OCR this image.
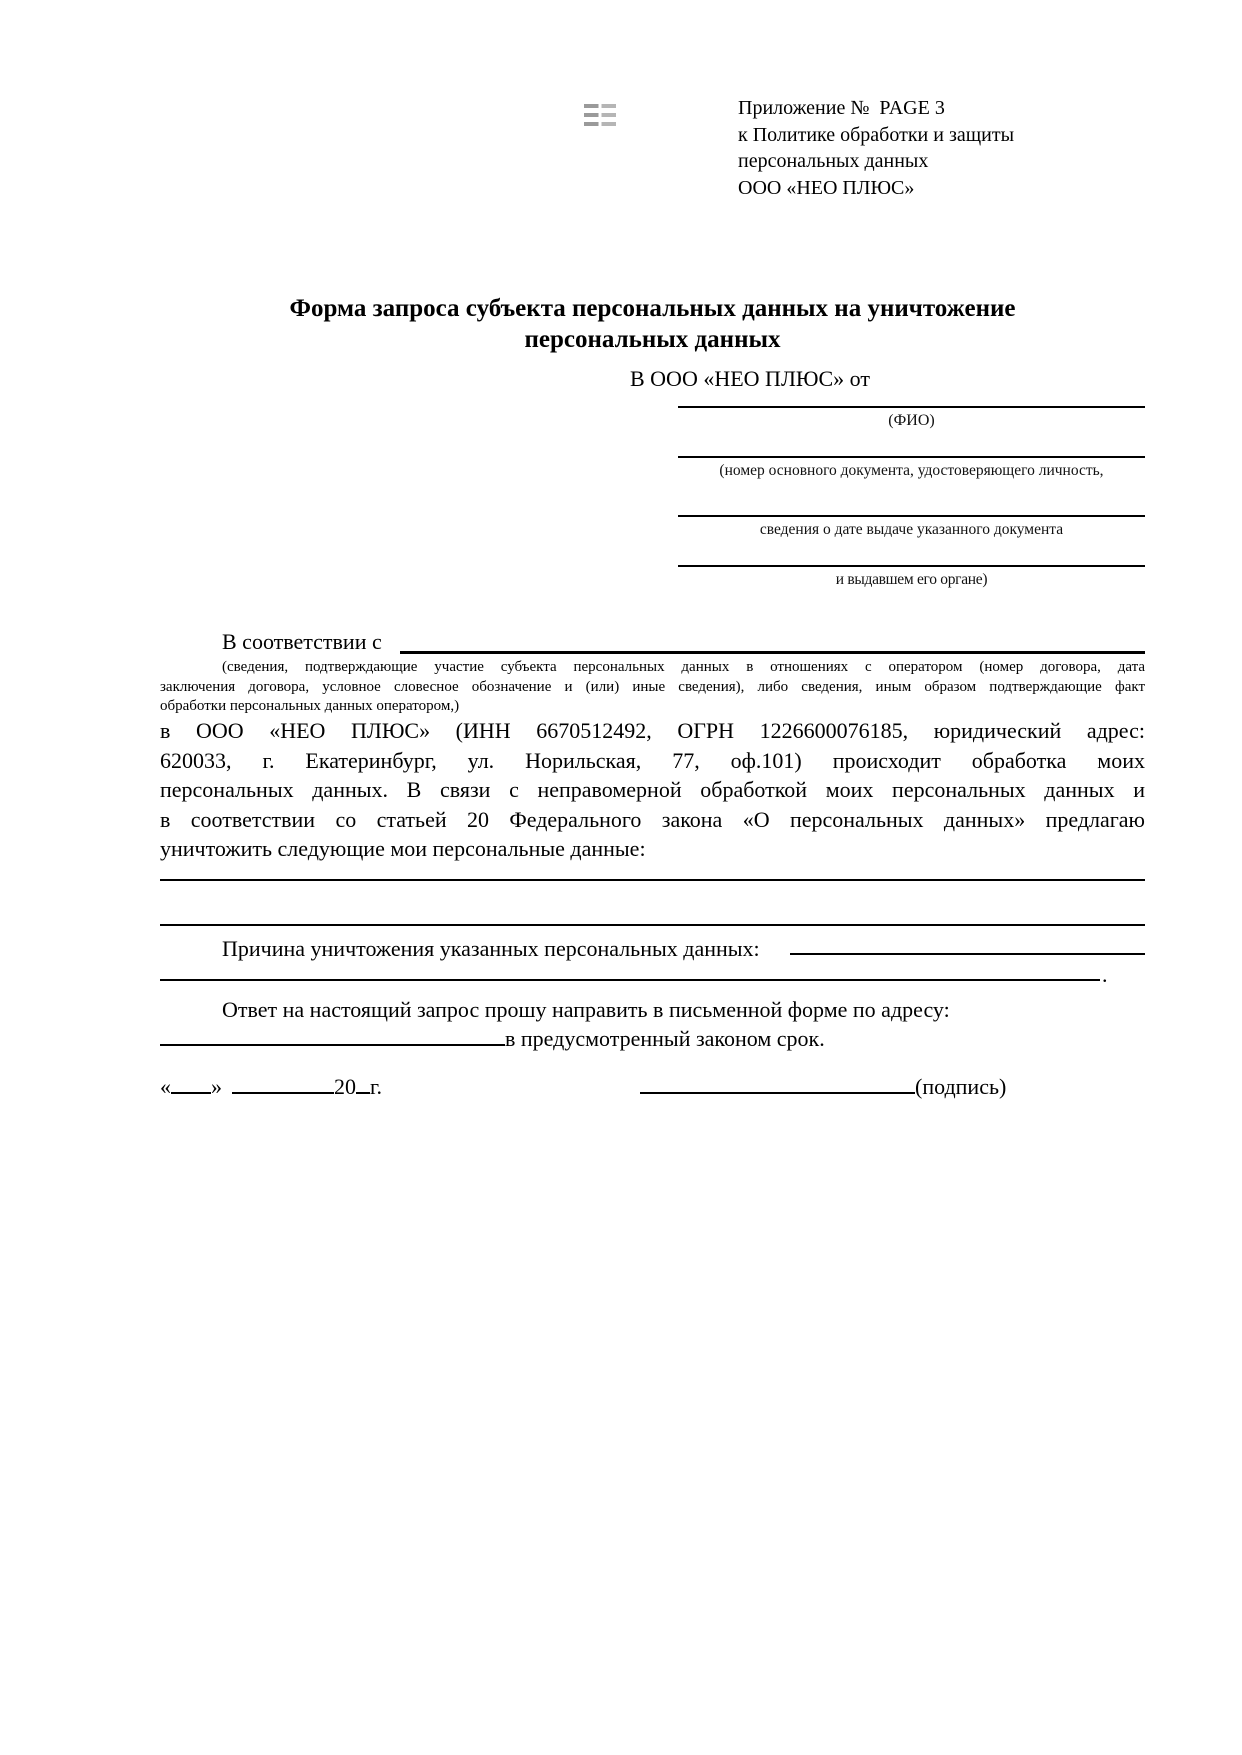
Приложение №  PAGE 3
к Политике обработки и защиты
персональных данных
ООО «НЕО ПЛЮС»
Форма запроса субъекта персональных данных на уничтожение
персональных данных
В ООО «НЕО ПЛЮС» от
(ФИО)
(номер основного документа, удостоверяющего личность,
сведения о дате выдаче указанного документа
и выдавшем его органе)
В соответствии с
(сведения, подтверждающие участие субъекта персональных данных в отношениях с оператором (номер договора, дата
заключения договора, условное словесное обозначение и (или) иные сведения), либо сведения, иным образом подтверждающие факт
обработки персональных данных оператором,)
в ООО «НЕО ПЛЮС» (ИНН 6670512492, ОГРН 1226600076185, юридический адрес:
620033, г. Екатеринбург, ул. Норильская, 77, оф.101) происходит обработка моих
персональных данных. В связи с неправомерной обработкой моих персональных данных и
в соответствии со статьей 20 Федерального закона «О персональных данных» предлагаю
уничтожить следующие мои персональные данные:
Причина уничтожения указанных персональных данных:
.
Ответ на настоящий запрос прошу направить в письменной форме по адресу:
в предусмотренный законом срок.
« »	20 г.	(подпись)
